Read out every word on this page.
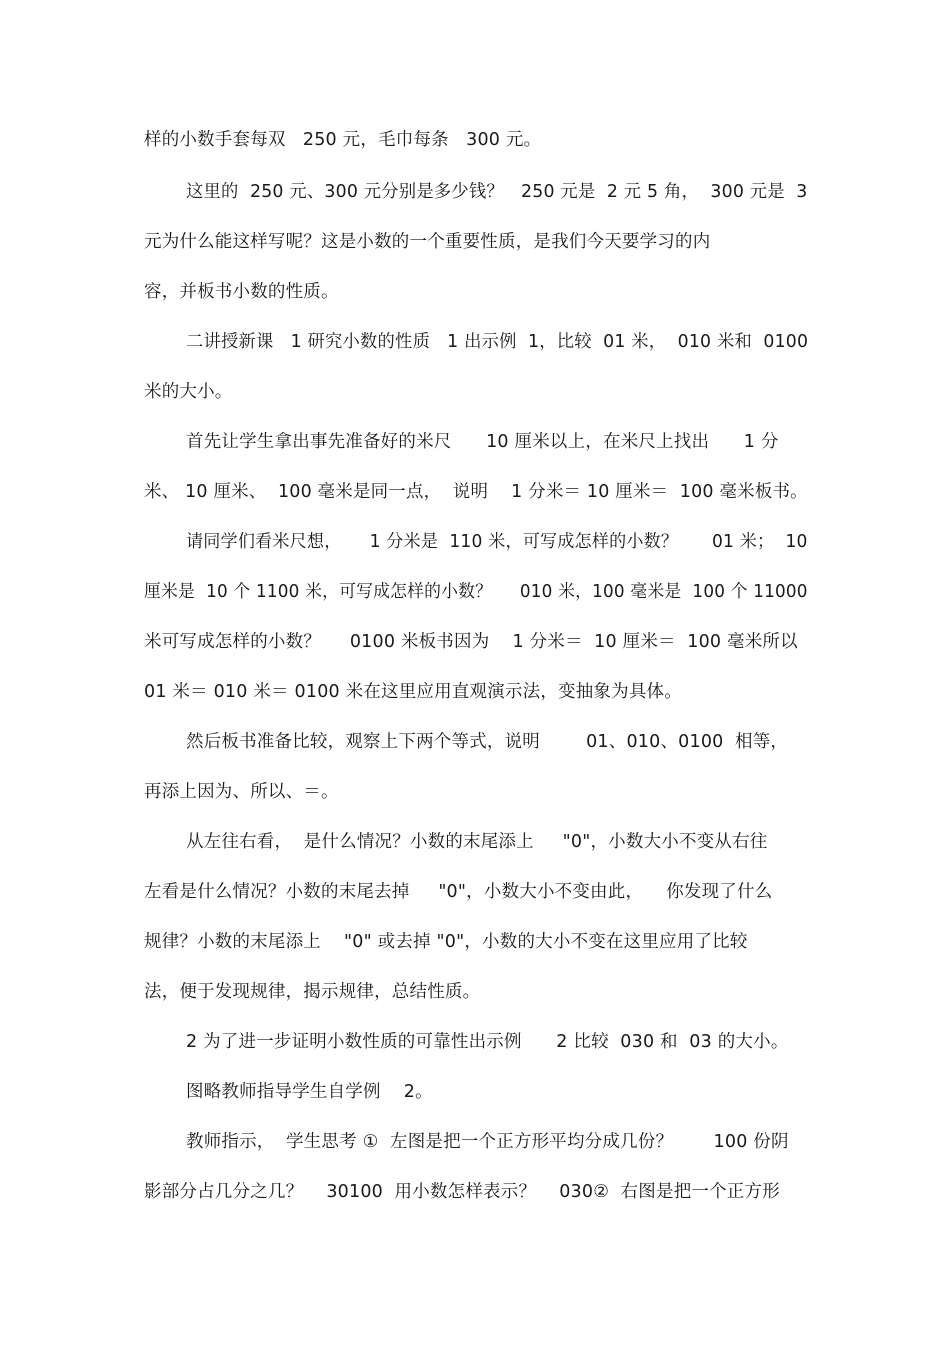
样的小数手套每双   250 元，毛巾每条   300 元。
这里的  250 元、300 元分别是多少钱？   250 元是  2 元 5 角，  300 元是  3
元为什么能这样写呢？这是小数的一个重要性质，是我们今天要学习的内
容，并板书小数的性质。
二讲授新课   1 研究小数的性质   1 出示例  1，比较  01 米，  010 米和  0100
米的大小。
首先让学生拿出事先准备好的米尺      10 厘米以上，在米尺上找出      1 分
米、 10 厘米、  100 毫米是同一点，  说明    1 分米＝ 10 厘米＝  100 毫米板书。
请同学们看米尺想，     1 分米是  110 米，可写成怎样的小数？      01 米；  10
厘米是  10 个 1100 米，可写成怎样的小数？     010 米，100 毫米是  100 个 11000
米可写成怎样的小数？     0100 米板书因为    1 分米＝  10 厘米＝  100 毫米所以
01 米＝ 010 米＝ 0100 米在这里应用直观演示法，变抽象为具体。
然后板书准备比较，观察上下两个等式，说明        01、010、0100  相等，
再添上因为、所以、＝。
从左往右看，  是什么情况？小数的末尾添上     "0"，小数大小不变从右往
左看是什么情况？小数的末尾去掉     "0"，小数大小不变由此，    你发现了什么
规律？小数的末尾添上    "0" 或去掉 "0"，小数的大小不变在这里应用了比较
法，便于发现规律，揭示规律，总结性质。
2 为了进一步证明小数性质的可靠性出示例      2 比较  030 和  03 的大小。
图略教师指导学生自学例    2。
教师指示，  学生思考 ①  左图是把一个正方形平均分成几份？       100 份阴
影部分占几分之几？    30100  用小数怎样表示？    030②  右图是把一个正方形
